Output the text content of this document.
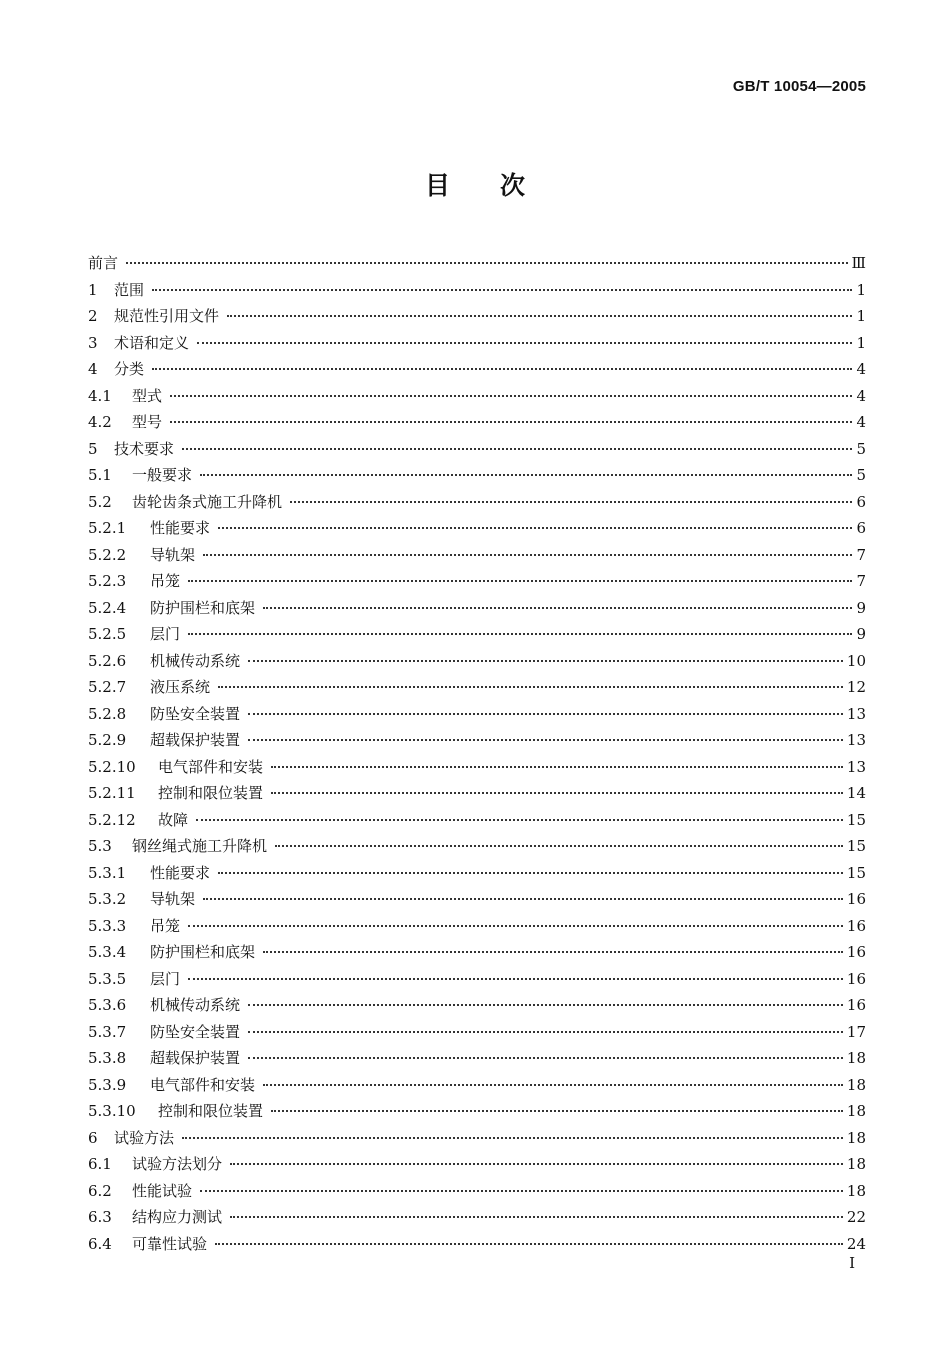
GB/T 10054—2005
目次
前言	Ⅲ
1	范围	1
2	规范性引用文件	1
3	术语和定义	1
4	分类	4
4.1	型式	4
4.2	型号	4
5	技术要求	5
5.1	一般要求	5
5.2	齿轮齿条式施工升降机	6
5.2.1	性能要求	6
5.2.2	导轨架	7
5.2.3	吊笼	7
5.2.4	防护围栏和底架	9
5.2.5	层门	9
5.2.6	机械传动系统	10
5.2.7	液压系统	12
5.2.8	防坠安全装置	13
5.2.9	超载保护装置	13
5.2.10	电气部件和安装	13
5.2.11	控制和限位装置	14
5.2.12	故障	15
5.3	钢丝绳式施工升降机	15
5.3.1	性能要求	15
5.3.2	导轨架	16
5.3.3	吊笼	16
5.3.4	防护围栏和底架	16
5.3.5	层门	16
5.3.6	机械传动系统	16
5.3.7	防坠安全装置	17
5.3.8	超载保护装置	18
5.3.9	电气部件和安装	18
5.3.10	控制和限位装置	18
6	试验方法	18
6.1	试验方法划分	18
6.2	性能试验	18
6.3	结构应力测试	22
6.4	可靠性试验	24
I
